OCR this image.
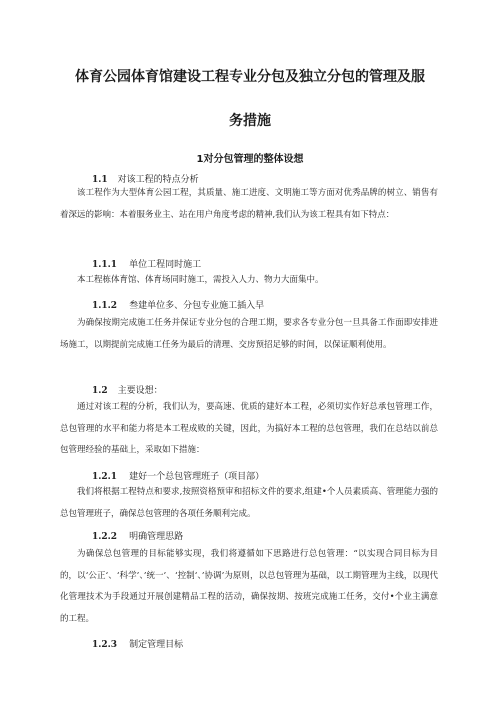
体育公园体育馆建设工程专业分包及独立分包的管理及服
务措施
1对分包管理的整体设想
1.1 对该工程的特点分析

该工程作为大型体育公园工程，其质量、施工进度、文明施工等方面对优秀品牌的树立、销售有着深远的影响：本着服务业主、站在用户角度考虑的精神,我们认为该工程具有如下特点：

1.1.1 单位工程同时施工

本工程栋体育馆、体育场同时施工，需投入人力、物力大面集中。

1.1.2 叁建单位多、分包专业施工插入早

为确保按期完成施工任务并保证专业分包的合理工期，要求各专业分包一旦具备工作面即安排进场施工，以期提前完成施工任务为最后的清理、交房预招足够的时间，以保证顺利使用。

1.2 主要设想：

通过对该工程的分析，我们认为，要高速、优质的建好本工程，必须切实作好总承包管理工作，总包管理的水平和能力将是本工程成败的关键，因此，为搞好本工程的总包管理，我们在总结以前总包管理经验的基础上，采取如下措施：

1.2.1 建好一个总包管理班子（项目部）

我们将根据工程特点和要求,按照资格预审和招标文件的要求,组建•个人员素质高、管理能力强的总包管理班子，确保总包管理的各项任务顺利完成。

1.2.2 明确管理思路

为确保总包管理的目标能够实现，我们将遵循如下思路进行总包管理：“以实现合同目标为目的，以‘公正‘、‘科学’、’统一’、‘控制‘、’协调’为原则，以总包管理为基础，以工期管理为主线，以现代化管理技术为手段通过开展创建精品工程的活动，确保按期、按班完成施工任务，交付•个业主满意的工程。

1.2.3 制定管理目标
